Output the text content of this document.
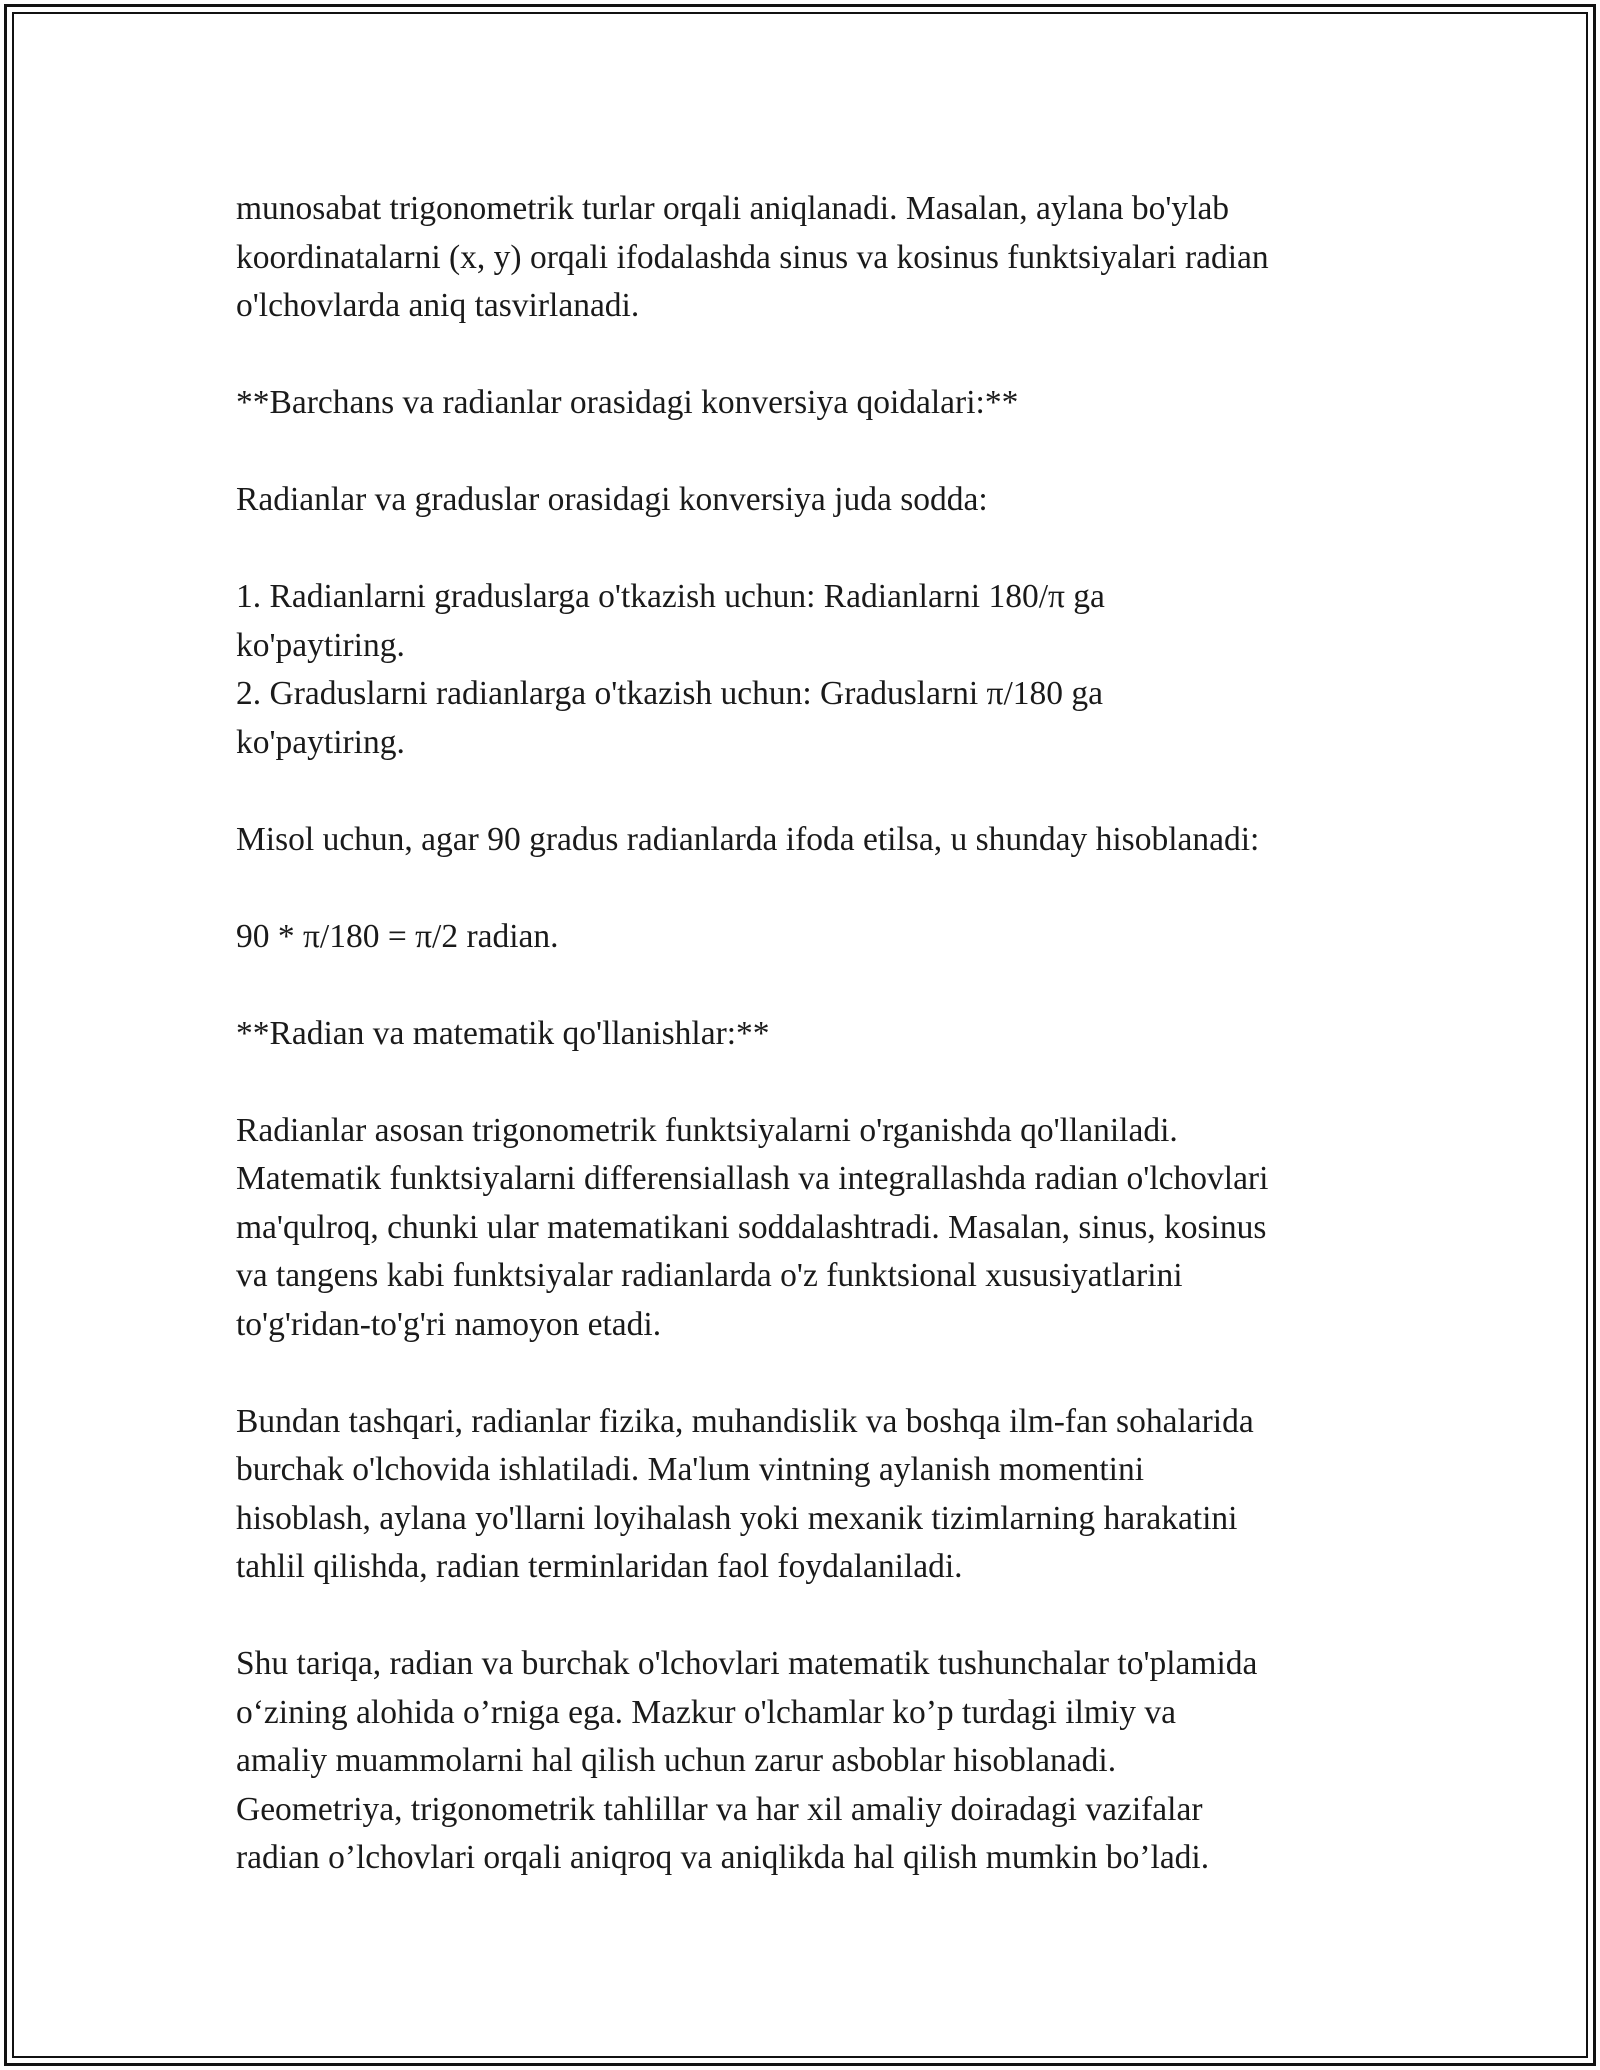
munosabat trigonometrik turlar orqali aniqlanadi. Masalan, aylana bo'ylab
koordinatalarni (x, y) orqali ifodalashda sinus va kosinus funktsiyalari radian
o'lchovlarda aniq tasvirlanadi.

**Barchans va radianlar orasidagi konversiya qoidalari:**

Radianlar va graduslar orasidagi konversiya juda sodda:

1. Radianlarni graduslarga o'tkazish uchun: Radianlarni 180/π ga
ko'paytiring.
2. Graduslarni radianlarga o'tkazish uchun: Graduslarni π/180 ga
ko'paytiring.

Misol uchun, agar 90 gradus radianlarda ifoda etilsa, u shunday hisoblanadi:

90 * π/180 = π/2 radian.

**Radian va matematik qo'llanishlar:**

Radianlar asosan trigonometrik funktsiyalarni o'rganishda qo'llaniladi.
Matematik funktsiyalarni differensiallash va integrallashda radian o'lchovlari
ma'qulroq, chunki ular matematikani soddalashtradi. Masalan, sinus, kosinus
va tangens kabi funktsiyalar radianlarda o'z funktsional xususiyatlarini
to'g'ridan-to'g'ri namoyon etadi.

Bundan tashqari, radianlar fizika, muhandislik va boshqa ilm-fan sohalarida
burchak o'lchovida ishlatiladi. Ma'lum vintning aylanish momentini
hisoblash, aylana yo'llarni loyihalash yoki mexanik tizimlarning harakatini
tahlil qilishda, radian terminlaridan faol foydalaniladi.

Shu tariqa, radian va burchak o'lchovlari matematik tushunchalar to'plamida
o‘zining alohida o’rniga ega. Mazkur o'lchamlar ko’p turdagi ilmiy va
amaliy muammolarni hal qilish uchun zarur asboblar hisoblanadi.
Geometriya, trigonometrik tahlillar va har xil amaliy doiradagi vazifalar
radian o’lchovlari orqali aniqroq va aniqlikda hal qilish mumkin bo’ladi.
